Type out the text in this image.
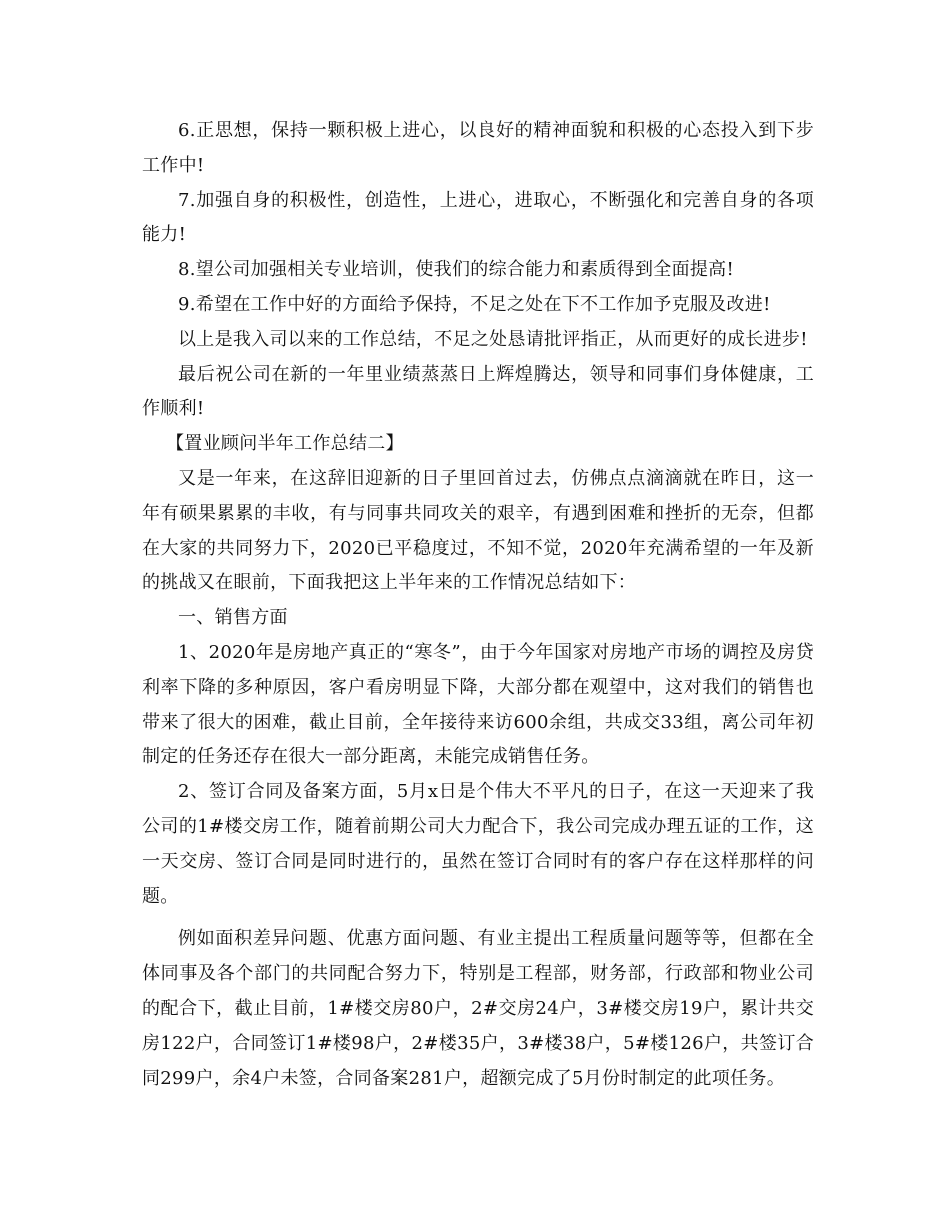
6.正思想，保持一颗积极上进心，以良好的精神面貌和积极的心态投入到下步工作中!

7.加强自身的积极性，创造性，上进心，进取心，不断强化和完善自身的各项能力!

8.望公司加强相关专业培训，使我们的综合能力和素质得到全面提高!

9.希望在工作中好的方面给予保持，不足之处在下不工作加予克服及改进!

以上是我入司以来的工作总结，不足之处恳请批评指正，从而更好的成长进步!

最后祝公司在新的一年里业绩蒸蒸日上辉煌腾达，领导和同事们身体健康，工作顺利!

【置业顾问半年工作总结二】

又是一年来，在这辞旧迎新的日子里回首过去，仿佛点点滴滴就在昨日，这一年有硕果累累的丰收，有与同事共同攻关的艰辛，有遇到困难和挫折的无奈，但都在大家的共同努力下，2020已平稳度过，不知不觉，2020年充满希望的一年及新的挑战又在眼前，下面我把这上半年来的工作情况总结如下：

一、销售方面

1、2020年是房地产真正的“寒冬”，由于今年国家对房地产市场的调控及房贷利率下降的多种原因，客户看房明显下降，大部分都在观望中，这对我们的销售也带来了很大的困难，截止目前，全年接待来访600余组，共成交33组，离公司年初制定的任务还存在很大一部分距离，未能完成销售任务。

2、签订合同及备案方面，5月x日是个伟大不平凡的日子，在这一天迎来了我公司的1#楼交房工作，随着前期公司大力配合下，我公司完成办理五证的工作，这一天交房、签订合同是同时进行的，虽然在签订合同时有的客户存在这样那样的问题。

例如面积差异问题、优惠方面问题、有业主提出工程质量问题等等，但都在全体同事及各个部门的共同配合努力下，特别是工程部，财务部，行政部和物业公司的配合下，截止目前，1#楼交房80户，2#交房24户，3#楼交房19户，累计共交房122户，合同签订1#楼98户，2#楼35户，3#楼38户，5#楼126户，共签订合同299户，余4户未签，合同备案281户，超额完成了5月份时制定的此项任务。
